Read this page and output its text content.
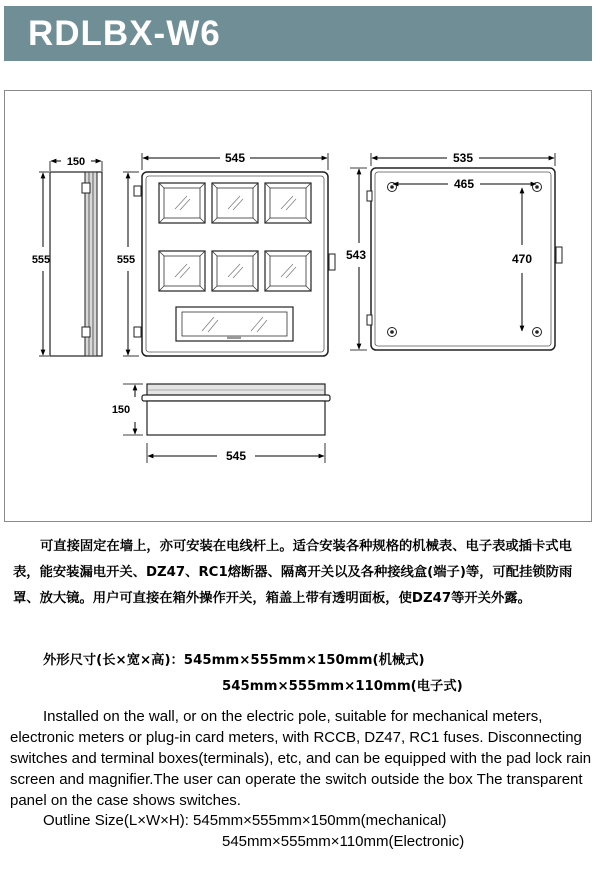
RDLBX-W6
150
555
545
555
535
465
470
543
150
545
可直接固定在墙上，亦可安装在电线杆上。适合安装各种规格的机械表、电子表或插卡式电表，能安装漏电开关、DZ47、RC1熔断器、隔离开关以及各种接线盒(端子)等，可配挂锁防雨罩、放大镜。用户可直接在箱外操作开关，箱盖上带有透明面板，使DZ47等开关外露。
外形尺寸(长×宽×高)：545mm×555mm×150mm(机械式)
545mm×555mm×110mm(电子式)
Installed on the wall, or on the electric pole, suitable for mechanical meters, electronic meters or plug-in card meters, with RCCB, DZ47, RC1 fuses. Disconnecting switches and terminal boxes(terminals), etc, and can be equipped with the pad lock rain screen and magnifier.The user can operate the switch outside the box The transparent panel on the case shows switches.
Outline Size(L×W×H): 545mm×555mm×150mm(mechanical)
545mm×555mm×110mm(Electronic)
